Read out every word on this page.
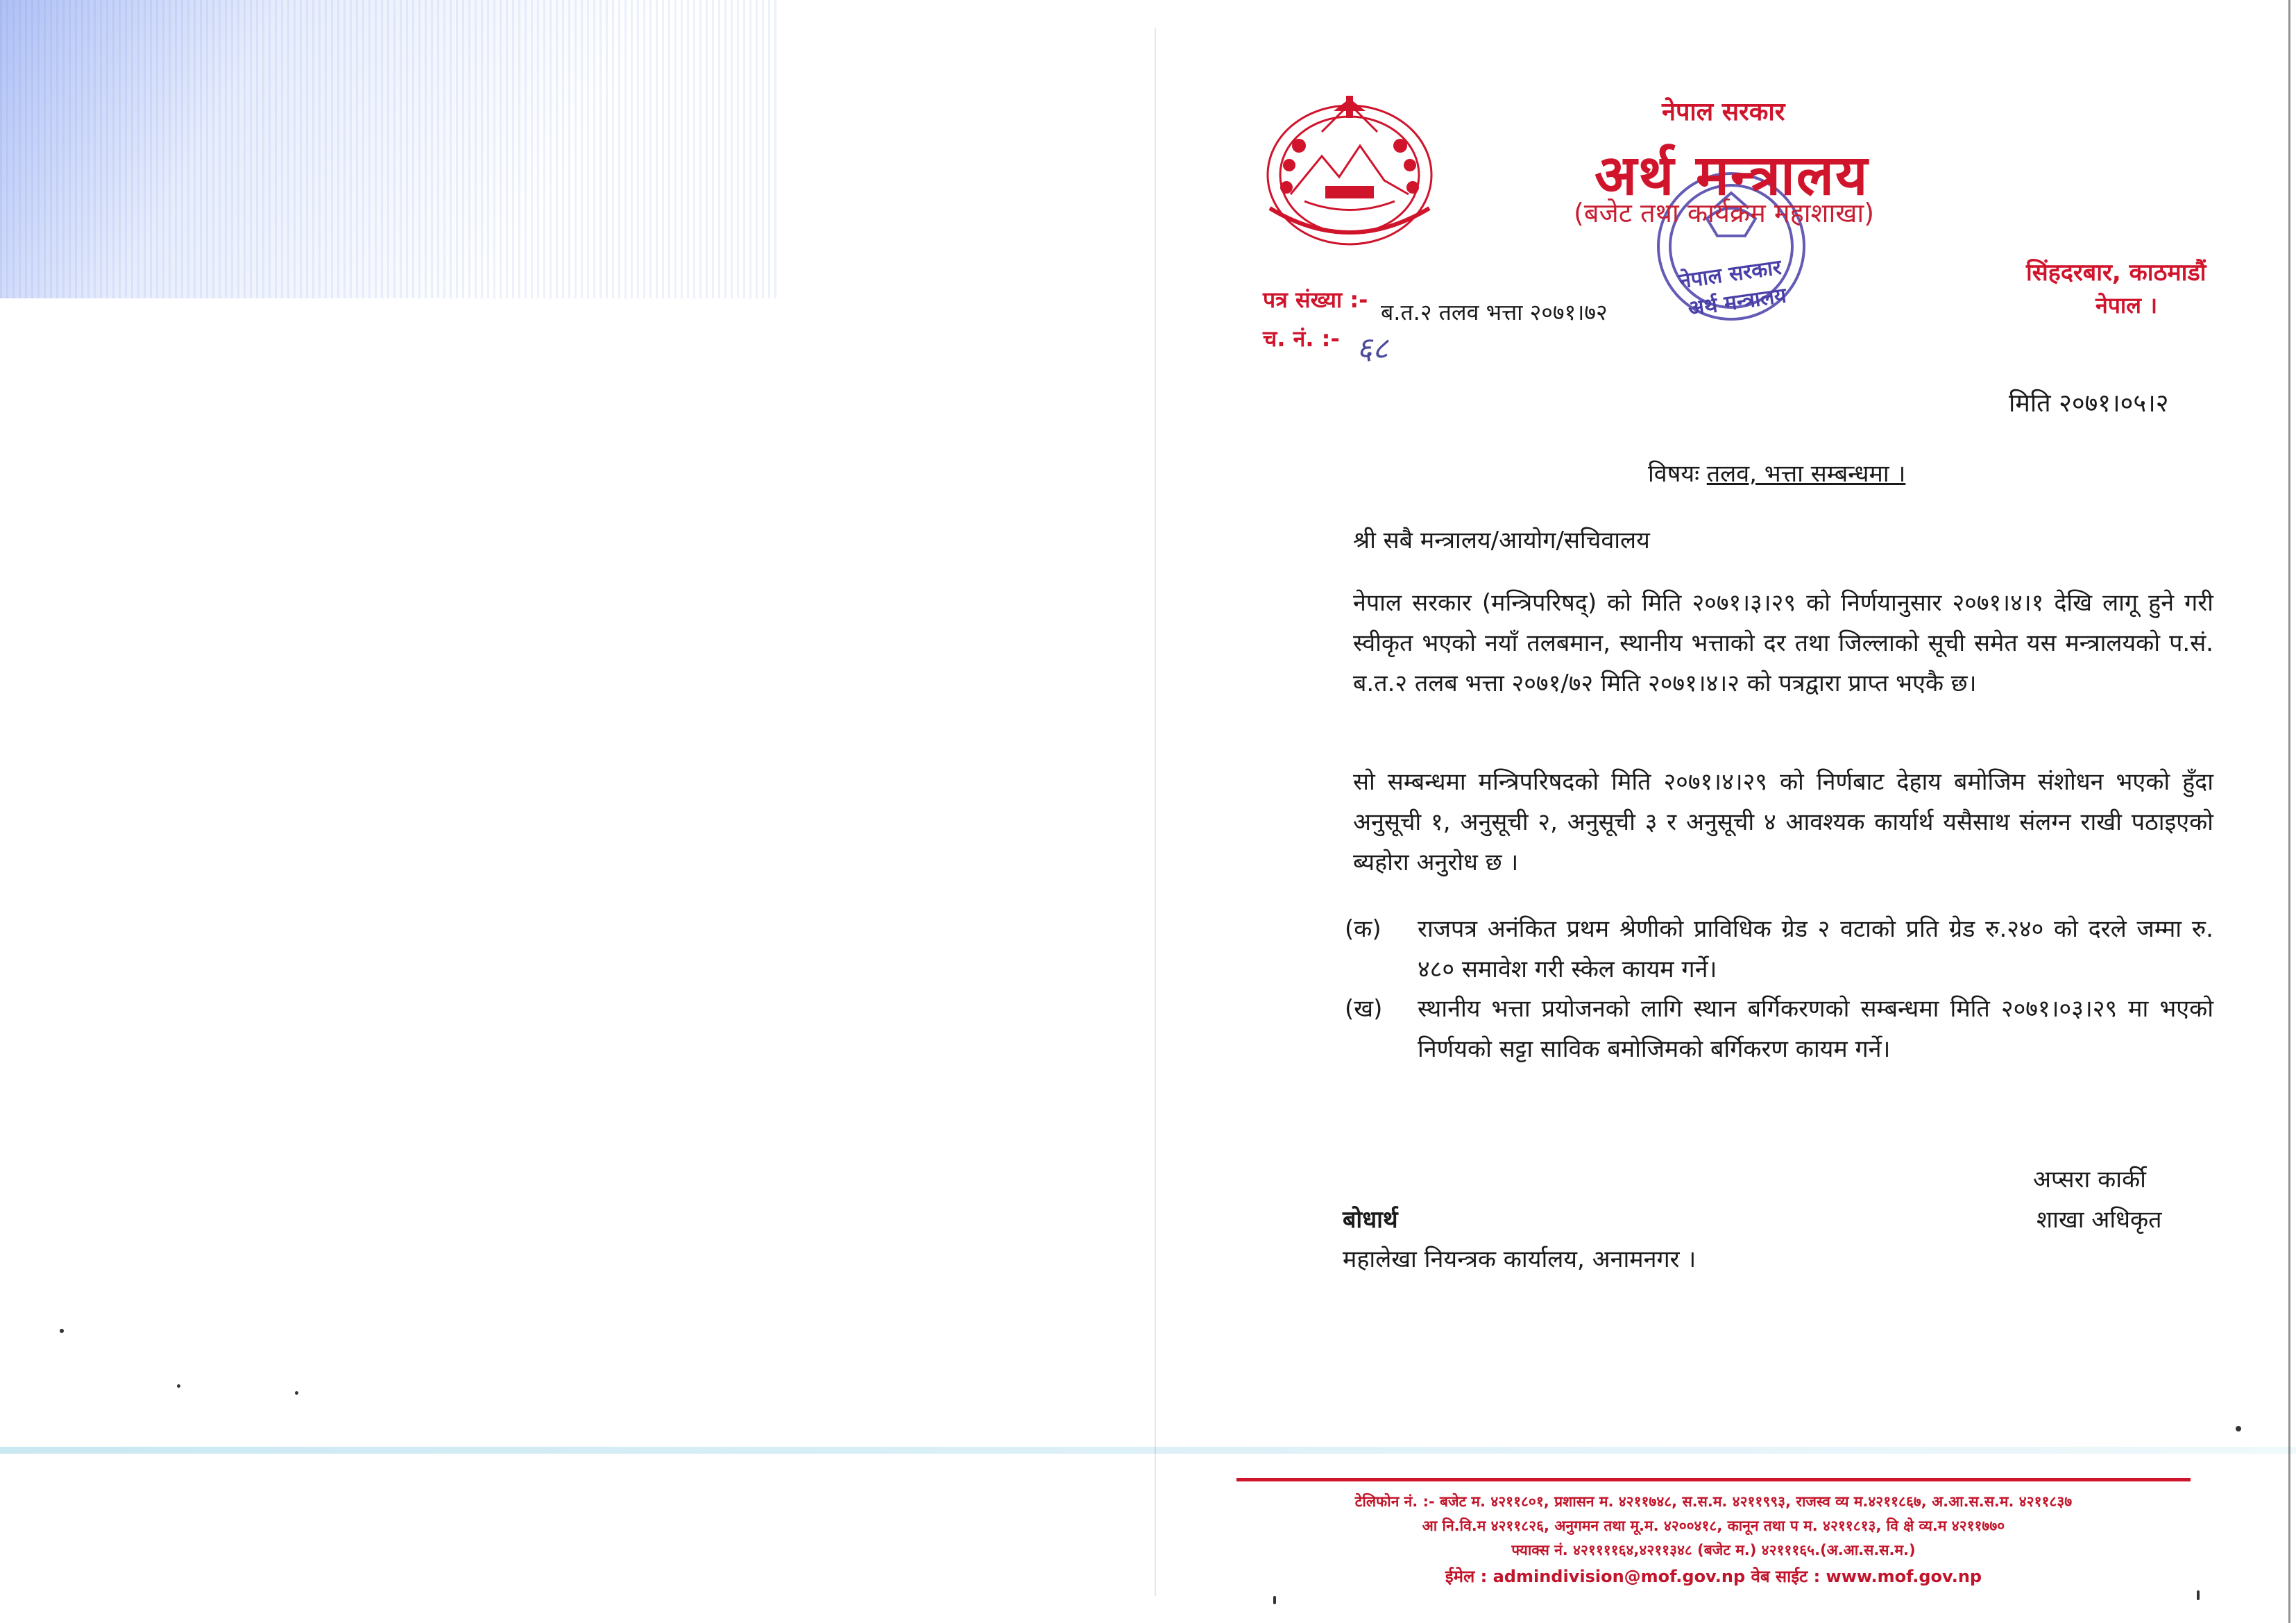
नेपाल सरकार
अर्थ मन्त्रालय
नेपाल सरकार
अर्थ मन्त्रालय
(बजेट तथा कार्यक्रम महाशाखा)
सिंहदरबार, काठमाडौं
नेपाल ।
पत्र संख्या :- ब.त.२ तलव भत्ता २०७१।७२
च. नं. :- ६८
मिति २०७१।०५।२
विषयः तलव, भत्ता सम्बन्धमा ।
श्री सबै मन्त्रालय/आयोग/सचिवालय
नेपाल सरकार (मन्त्रिपरिषद्) को मिति २०७१।३।२९ को निर्णयानुसार २०७१।४।१ देखि लागू हुने गरी स्वीकृत भएको नयाँ तलबमान, स्थानीय भत्ताको दर तथा जिल्लाको सूची समेत यस मन्त्रालयको प.सं. ब.त.२ तलब भत्ता २०७१/७२ मिति २०७१।४।२ को पत्रद्वारा प्राप्त भएकै छ।
सो सम्बन्धमा मन्त्रिपरिषदको मिति २०७१।४।२९ को निर्णबाट देहाय बमोजिम संशोधन भएको हुँदा अनुसूची १, अनुसूची २, अनुसूची ३ र अनुसूची ४ आवश्यक कार्यार्थ यसैसाथ संलग्न राखी पठाइएको ब्यहोरा अनुरोध छ ।
(क) राजपत्र अनंकित प्रथम श्रेणीको प्राविधिक ग्रेड २ वटाको प्रति ग्रेड रु.२४० को दरले जम्मा रु. ४८० समावेश गरी स्केल कायम गर्ने।
(ख) स्थानीय भत्ता प्रयोजनको लागि स्थान बर्गिकरणको सम्बन्धमा मिति २०७१।०३।२९ मा भएको निर्णयको सट्टा साविक बमोजिमको बर्गिकरण कायम गर्ने।
अप्सरा कार्की
शाखा अधिकृत
बोधार्थ
महालेखा नियन्त्रक कार्यालय, अनामनगर ।
टेलिफोन नं. :- बजेट म. ४२११८०१, प्रशासन म. ४२११७४८, स.स.म. ४२११९९३, राजस्व व्य म.४२११८६७, अ.आ.स.स.म. ४२११८३७
आ नि.वि.म ४२११८२६, अनुगमन तथा मू.म. ४२००४१८, कानून तथा प म. ४२११८१३, वि क्षे व्य.म ४२११७७०
फ्याक्स नं. ४२११११६४,४२११३४८ (बजेट म.) ४२१११६५.(अ.आ.स.स.म.)
ईमेल : admindivision@mof.gov.np वेब साईट : www.mof.gov.np
